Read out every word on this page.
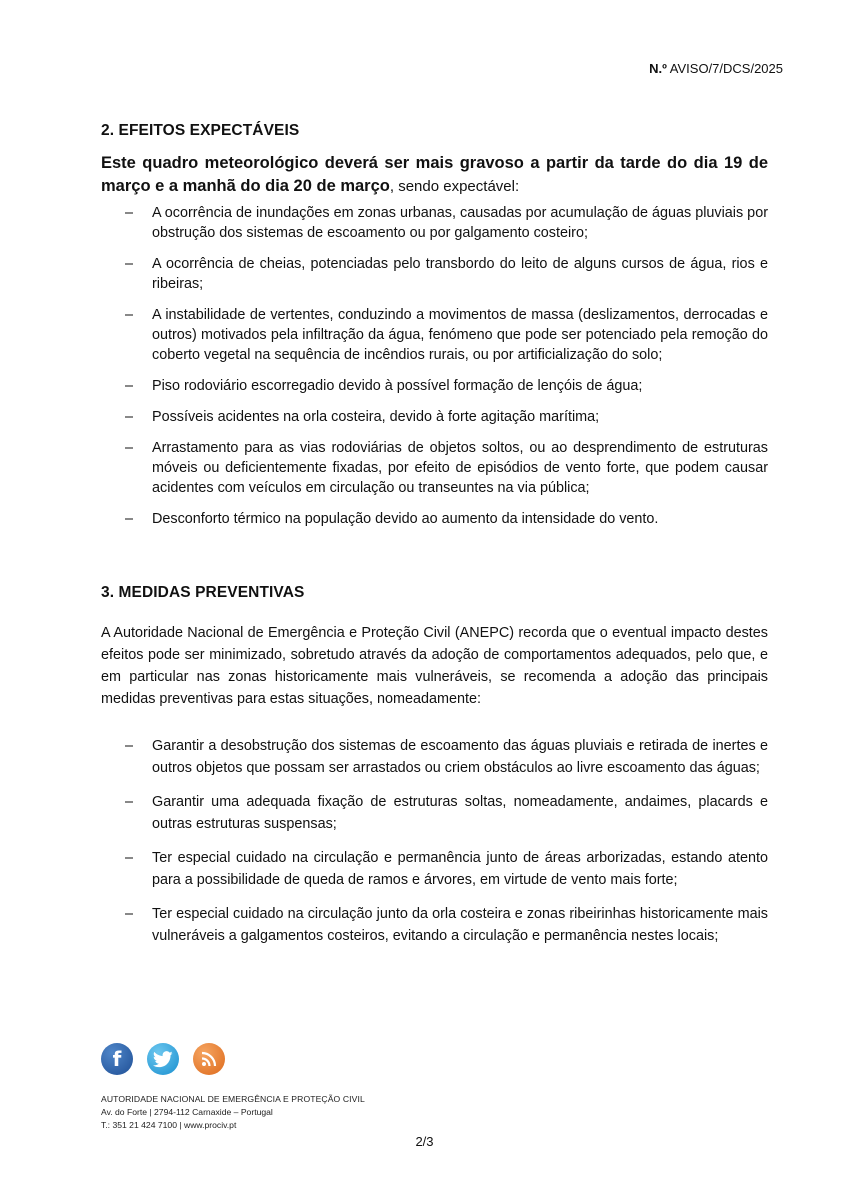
N.º AVISO/7/DCS/2025
2. EFEITOS EXPECTÁVEIS

Este quadro meteorológico deverá ser mais gravoso a partir da tarde do dia 19 de março e a manhã do dia 20 de março, sendo expectável:

– A ocorrência de inundações em zonas urbanas, causadas por acumulação de águas pluviais por obstrução dos sistemas de escoamento ou por galgamento costeiro;
– A ocorrência de cheias, potenciadas pelo transbordo do leito de alguns cursos de água, rios e ribeiras;
– A instabilidade de vertentes, conduzindo a movimentos de massa (deslizamentos, derrocadas e outros) motivados pela infiltração da água, fenómeno que pode ser potenciado pela remoção do coberto vegetal na sequência de incêndios rurais, ou por artificialização do solo;
– Piso rodoviário escorregadio devido à possível formação de lençóis de água;
– Possíveis acidentes na orla costeira, devido à forte agitação marítima;
– Arrastamento para as vias rodoviárias de objetos soltos, ou ao desprendimento de estruturas móveis ou deficientemente fixadas, por efeito de episódios de vento forte, que podem causar acidentes com veículos em circulação ou transeuntes na via pública;
– Desconforto térmico na população devido ao aumento da intensidade do vento.
3. MEDIDAS PREVENTIVAS

A Autoridade Nacional de Emergência e Proteção Civil (ANEPC) recorda que o eventual impacto destes efeitos pode ser minimizado, sobretudo através da adoção de comportamentos adequados, pelo que, e em particular nas zonas historicamente mais vulneráveis, se recomenda a adoção das principais medidas preventivas para estas situações, nomeadamente:

– Garantir a desobstrução dos sistemas de escoamento das águas pluviais e retirada de inertes e outros objetos que possam ser arrastados ou criem obstáculos ao livre escoamento das águas;
– Garantir uma adequada fixação de estruturas soltas, nomeadamente, andaimes, placards e outras estruturas suspensas;
– Ter especial cuidado na circulação e permanência junto de áreas arborizadas, estando atento para a possibilidade de queda de ramos e árvores, em virtude de vento mais forte;
– Ter especial cuidado na circulação junto da orla costeira e zonas ribeirinhas historicamente mais vulneráveis a galgamentos costeiros, evitando a circulação e permanência nestes locais;
f
AUTORIDADE NACIONAL DE EMERGÊNCIA E PROTEÇÃO CIVIL
Av. do Forte | 2794-112 Carnaxide – Portugal
T.: 351 21 424 7100 | www.prociv.pt
2/3
